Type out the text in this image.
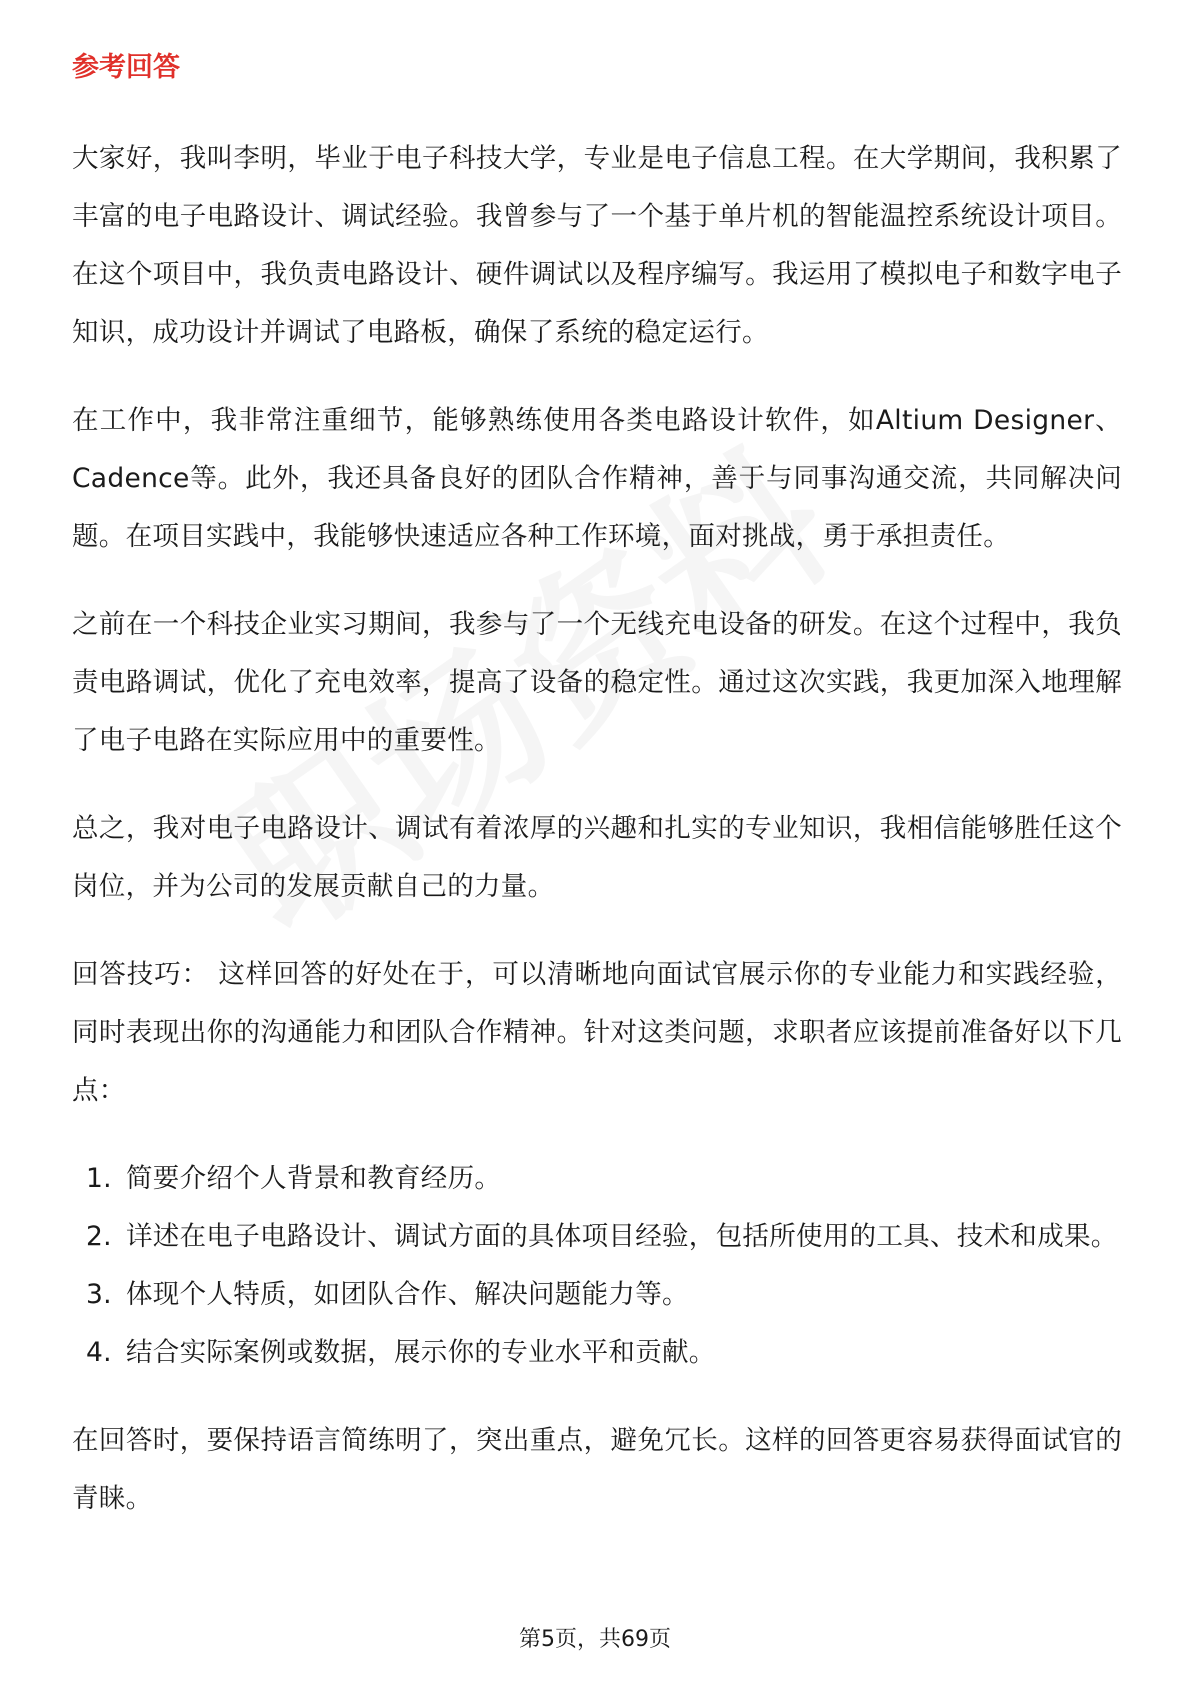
参考回答

大家好，我叫李明，毕业于电子科技大学，专业是电子信息工程。在大学期间，我积累了丰富的电子电路设计、调试经验。我曾参与了一个基于单片机的智能温控系统设计项目。在这个项目中，我负责电路设计、硬件调试以及程序编写。我运用了模拟电子和数字电子知识，成功设计并调试了电路板，确保了系统的稳定运行。

在工作中，我非常注重细节，能够熟练使用各类电路设计软件，如Altium Designer、Cadence等。此外，我还具备良好的团队合作精神，善于与同事沟通交流，共同解决问题。在项目实践中，我能够快速适应各种工作环境，面对挑战，勇于承担责任。

之前在一个科技企业实习期间，我参与了一个无线充电设备的研发。在这个过程中，我负责电路调试，优化了充电效率，提高了设备的稳定性。通过这次实践，我更加深入地理解了电子电路在实际应用中的重要性。

总之，我对电子电路设计、调试有着浓厚的兴趣和扎实的专业知识，我相信能够胜任这个岗位，并为公司的发展贡献自己的力量。

回答技巧： 这样回答的好处在于，可以清晰地向面试官展示你的专业能力和实践经验，同时表现出你的沟通能力和团队合作精神。针对这类问题，求职者应该提前准备好以下几点：

1. 简要介绍个人背景和教育经历。
2. 详述在电子电路设计、调试方面的具体项目经验，包括所使用的工具、技术和成果。
3. 体现个人特质，如团队合作、解决问题能力等。
4. 结合实际案例或数据，展示你的专业水平和贡献。

在回答时，要保持语言简练明了，突出重点，避免冗长。这样的回答更容易获得面试官的青睐。

第5页，共69页
